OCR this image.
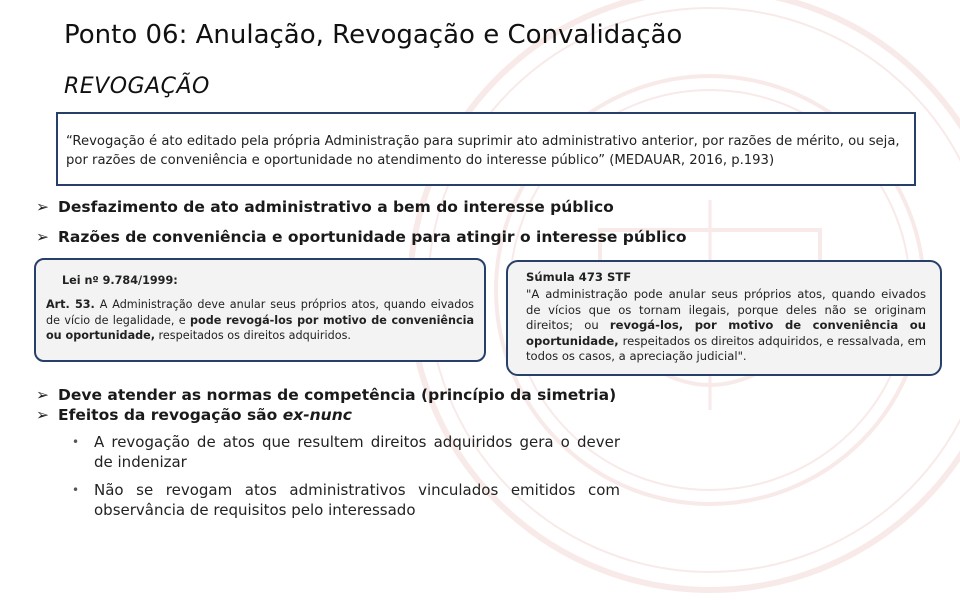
Ponto 06: Anulação, Revogação e Convalidação
REVOGAÇÃO
“Revogação é ato editado pela própria Administração para suprimir ato administrativo anterior, por razões de mérito, ou seja, por razões de conveniência e oportunidade no atendimento do interesse público” (MEDAUAR, 2016, p.193)
➢ Desfazimento de ato administrativo a bem do interesse público
➢ Razões de conveniência e oportunidade para atingir o interesse público
Lei nº 9.784/1999:
Art. 53. A Administração deve anular seus próprios atos, quando eivados de vício de legalidade, e pode revogá-los por motivo de conveniência ou oportunidade, respeitados os direitos adquiridos.
Súmula 473 STF
"A administração pode anular seus próprios atos, quando eivados de vícios que os tornam ilegais, porque deles não se originam direitos; ou revogá-los, por motivo de conveniência ou oportunidade, respeitados os direitos adquiridos, e ressalvada, em todos os casos, a apreciação judicial".
➢ Deve atender as normas de competência (princípio da simetria)
➢ Efeitos da revogação são ex-nunc
• A revogação de atos que resultem direitos adquiridos gera o dever de indenizar
• Não se revogam atos administrativos vinculados emitidos com observância de requisitos pelo interessado
